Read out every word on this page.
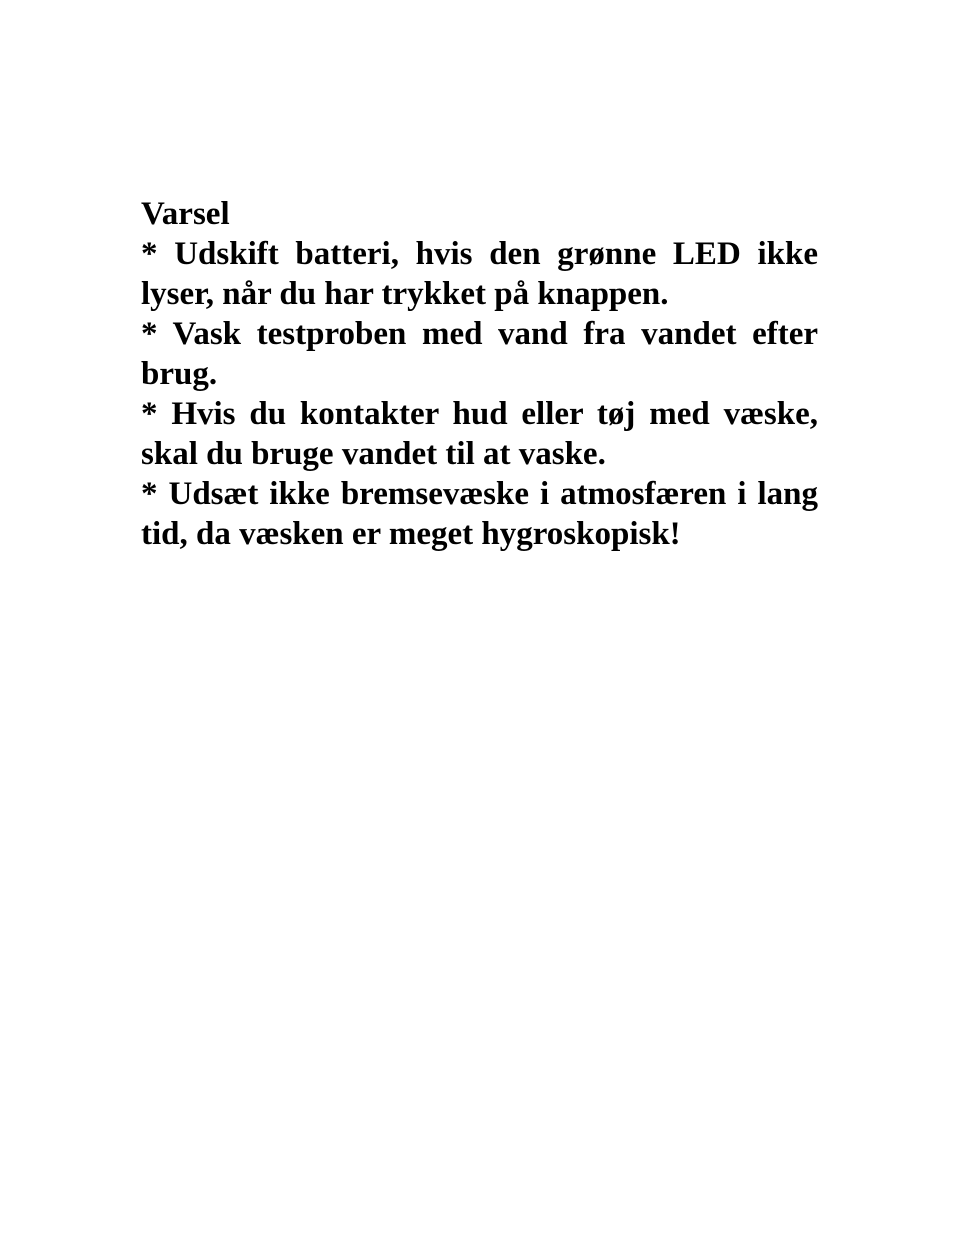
Varsel
* Udskift batteri, hvis den grønne LED ikke lyser, når du har trykket på knappen.
* Vask testproben med vand fra vandet efter brug.
* Hvis du kontakter hud eller tøj med væske, skal du bruge vandet til at vaske.
* Udsæt ikke bremsevæske i atmosfæren i lang tid, da væsken er meget hygroskopisk!
